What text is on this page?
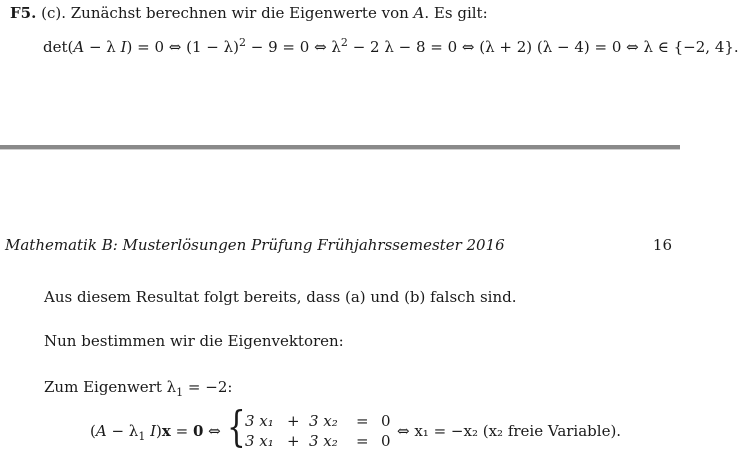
F5. (c). Zunächst berechnen wir die Eigenwerte von A. Es gilt:
det(A − λ I) = 0 ⇔ $(1 - \lambda)^2 - 9 = 0$ ⇔ $\lambda^2 - 2$ λ − 8 = 0 ⇔ (λ + 2) (λ − 4) = 0 ⇔ λ ∈ {−2, 4}.
Mathematik B: Musterlösungen Prüfung Frühjahrssemester 2016	16
Aus diesem Resultat folgt bereits, dass (a) und (b) falsch sind.
Nun bestimmen wir die Eigenvektoren:
Zum Eigenwert $\lambda_1 = -2$:
($A - \lambda_1$ I)x = 0 ⇔ { 3 x₁ + 3 x₂ = 0
3 x₁ + 3 x₂ = 0
⇔ x₁ = −x₂ (x₂ freie Variable).
